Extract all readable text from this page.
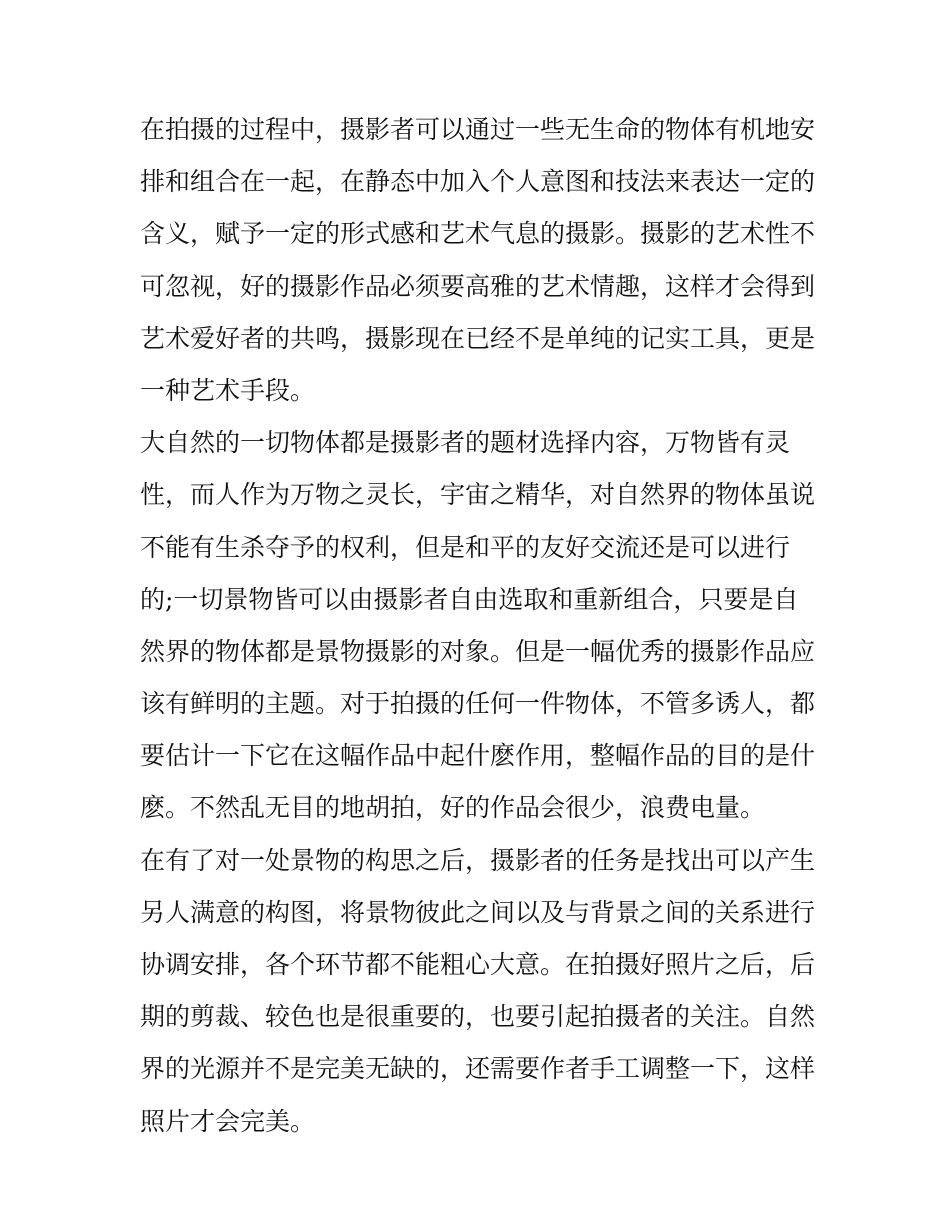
在拍摄的过程中，摄影者可以通过一些无生命的物体有机地安
排和组合在一起，在静态中加入个人意图和技法来表达一定的
含义，赋予一定的形式感和艺术气息的摄影。摄影的艺术性不
可忽视，好的摄影作品必须要高雅的艺术情趣，这样才会得到
艺术爱好者的共鸣，摄影现在已经不是单纯的记实工具，更是
一种艺术手段。
大自然的一切物体都是摄影者的题材选择内容，万物皆有灵
性，而人作为万物之灵长，宇宙之精华，对自然界的物体虽说
不能有生杀夺予的权利，但是和平的友好交流还是可以进行
的;一切景物皆可以由摄影者自由选取和重新组合，只要是自
然界的物体都是景物摄影的对象。但是一幅优秀的摄影作品应
该有鲜明的主题。对于拍摄的任何一件物体，不管多诱人，都
要估计一下它在这幅作品中起什麽作用，整幅作品的目的是什
麽。不然乱无目的地胡拍，好的作品会很少，浪费电量。
在有了对一处景物的构思之后，摄影者的任务是找出可以产生
另人满意的构图，将景物彼此之间以及与背景之间的关系进行
协调安排，各个环节都不能粗心大意。在拍摄好照片之后，后
期的剪裁、较色也是很重要的，也要引起拍摄者的关注。自然
界的光源并不是完美无缺的，还需要作者手工调整一下，这样
照片才会完美。
